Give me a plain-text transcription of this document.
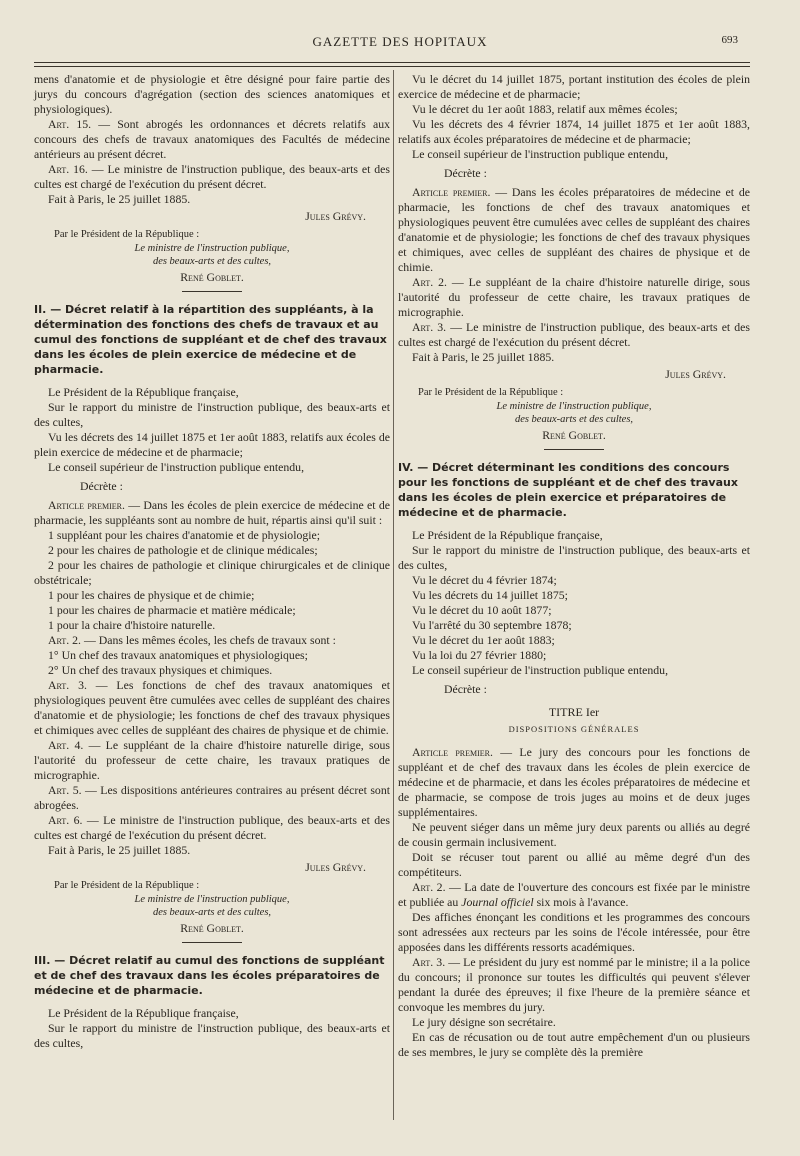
GAZETTE DES HOPITAUX	693

mens d'anatomie et de physiologie et être désigné pour faire partie des jurys du concours d'agrégation (section des sciences anatomiques et physiologiques).

Art. 15. — Sont abrogés les ordonnances et décrets relatifs aux concours des chefs de travaux anatomiques des Facultés de médecine antérieurs au présent décret.

Art. 16. — Le ministre de l'instruction publique, des beaux-arts et des cultes est chargé de l'exécution du présent décret.

Fait à Paris, le 25 juillet 1885.

Jules Grévy.

Par le Président de la République :

Le ministre de l'instruction publique,

des beaux-arts et des cultes,

René Goblet.

II. — Décret relatif à la répartition des suppléants, à la détermination des fonctions des chefs de travaux et au cumul des fonctions de suppléant et de chef des travaux dans les écoles de plein exercice de médecine et de pharmacie.

Le Président de la République française,

Sur le rapport du ministre de l'instruction publique, des beaux-arts et des cultes,

Vu les décrets des 14 juillet 1875 et 1er août 1883, relatifs aux écoles de plein exercice de médecine et de pharmacie;

Le conseil supérieur de l'instruction publique entendu,

Décrète :

Article premier. — Dans les écoles de plein exercice de médecine et de pharmacie, les suppléants sont au nombre de huit, répartis ainsi qu'il suit :

1 suppléant pour les chaires d'anatomie et de physiologie;

2 pour les chaires de pathologie et de clinique médicales;

2 pour les chaires de pathologie et clinique chirurgicales et de clinique obstétricale;

1 pour les chaires de physique et de chimie;

1 pour les chaires de pharmacie et matière médicale;

1 pour la chaire d'histoire naturelle.

Art. 2. — Dans les mêmes écoles, les chefs de travaux sont :

1° Un chef des travaux anatomiques et physiologiques;

2° Un chef des travaux physiques et chimiques.

Art. 3. — Les fonctions de chef des travaux anatomiques et physiologiques peuvent être cumulées avec celles de suppléant des chaires d'anatomie et de physiologie; les fonctions de chef des travaux physiques et chimiques avec celles de suppléant des chaires de physique et de chimie.

Art. 4. — Le suppléant de la chaire d'histoire naturelle dirige, sous l'autorité du professeur de cette chaire, les travaux pratiques de micrographie.

Art. 5. — Les dispositions antérieures contraires au présent décret sont abrogées.

Art. 6. — Le ministre de l'instruction publique, des beaux-arts et des cultes est chargé de l'exécution du présent décret.

Fait à Paris, le 25 juillet 1885.

Jules Grévy.

Par le Président de la République :

Le ministre de l'instruction publique,

des beaux-arts et des cultes,

René Goblet.

III. — Décret relatif au cumul des fonctions de suppléant et de chef des travaux dans les écoles préparatoires de médecine et de pharmacie.

Le Président de la République française,

Sur le rapport du ministre de l'instruction publique, des beaux-arts et des cultes,

Vu le décret du 14 juillet 1875, portant institution des écoles de plein exercice de médecine et de pharmacie;

Vu le décret du 1er août 1883, relatif aux mêmes écoles;

Vu les décrets des 4 février 1874, 14 juillet 1875 et 1er août 1883, relatifs aux écoles préparatoires de médecine et de pharmacie;

Le conseil supérieur de l'instruction publique entendu,

Décrète :

Article premier. — Dans les écoles préparatoires de médecine et de pharmacie, les fonctions de chef des travaux anatomiques et physiologiques peuvent être cumulées avec celles de suppléant des chaires d'anatomie et de physiologie; les fonctions de chef des travaux physiques et chimiques, avec celles de suppléant des chaires de physique et de chimie.

Art. 2. — Le suppléant de la chaire d'histoire naturelle dirige, sous l'autorité du professeur de cette chaire, les travaux pratiques de micrographie.

Art. 3. — Le ministre de l'instruction publique, des beaux-arts et des cultes est chargé de l'exécution du présent décret.

Fait à Paris, le 25 juillet 1885.

Jules Grévy.

Par le Président de la République :

Le ministre de l'instruction publique,

des beaux-arts et des cultes,

René Goblet.

IV. — Décret déterminant les conditions des concours pour les fonctions de suppléant et de chef des travaux dans les écoles de plein exercice et préparatoires de médecine et de pharmacie.

Le Président de la République française,

Sur le rapport du ministre de l'instruction publique, des beaux-arts et des cultes,

Vu le décret du 4 février 1874;

Vu les décrets du 14 juillet 1875;

Vu le décret du 10 août 1877;

Vu l'arrêté du 30 septembre 1878;

Vu le décret du 1er août 1883;

Vu la loi du 27 février 1880;

Le conseil supérieur de l'instruction publique entendu,

Décrète :

TITRE Ier

DISPOSITIONS GÉNÉRALES

Article premier. — Le jury des concours pour les fonctions de suppléant et de chef des travaux dans les écoles de plein exercice de médecine et de pharmacie, et dans les écoles préparatoires de médecine et de pharmacie, se compose de trois juges au moins et de deux juges supplémentaires.

Ne peuvent siéger dans un même jury deux parents ou alliés au degré de cousin germain inclusivement.

Doit se récuser tout parent ou allié au même degré d'un des compétiteurs.

Art. 2. — La date de l'ouverture des concours est fixée par le ministre et publiée au Journal officiel six mois à l'avance.

Des affiches énonçant les conditions et les programmes des concours sont adressées aux recteurs par les soins de l'école intéressée, pour être apposées dans les différents ressorts académiques.

Art. 3. — Le président du jury est nommé par le ministre; il a la police du concours; il prononce sur toutes les difficultés qui peuvent s'élever pendant la durée des épreuves; il fixe l'heure de la première séance et convoque les membres du jury.

Le jury désigne son secrétaire.

En cas de récusation ou de tout autre empêchement d'un ou plusieurs de ses membres, le jury se complète dès la première
